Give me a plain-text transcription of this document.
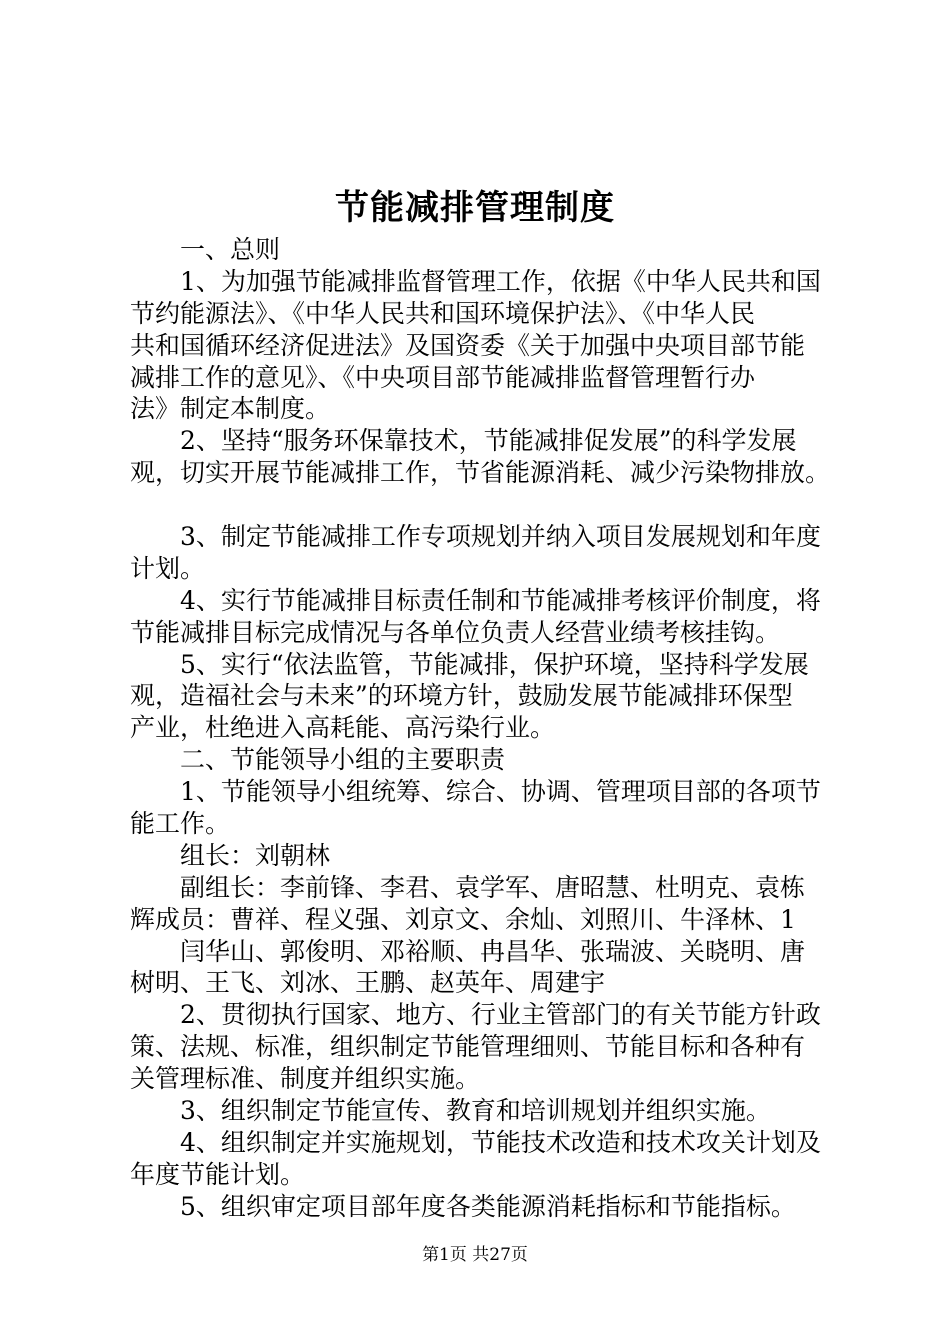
节能减排管理制度
一、总则
1、为加强节能减排监督管理工作，依据《中华人民共和国
节约能源法》、《中华人民共和国环境保护法》、《中华人民
共和国循环经济促进法》及国资委《关于加强中央项目部节能
减排工作的意见》、《中央项目部节能减排监督管理暂行办
法》制定本制度。
2、坚持“服务环保靠技术，节能减排促发展”的科学发展
观，切实开展节能减排工作，节省能源消耗、减少污染物排放。
3、制定节能减排工作专项规划并纳入项目发展规划和年度
计划。
4、实行节能减排目标责任制和节能减排考核评价制度，将
节能减排目标完成情况与各单位负责人经营业绩考核挂钩。
5、实行“依法监管，节能减排，保护环境，坚持科学发展
观，造福社会与未来”的环境方针，鼓励发展节能减排环保型
产业，杜绝进入高耗能、高污染行业。
二、节能领导小组的主要职责
1、节能领导小组统筹、综合、协调、管理项目部的各项节
能工作。
组长：刘朝林
副组长：李前锋、李君、袁学军、唐昭慧、杜明克、袁栋
辉成员：曹祥、程义强、刘京文、余灿、刘照川、牛泽林、1
闫华山、郭俊明、邓裕顺、冉昌华、张瑞波、关晓明、唐
树明、王飞、刘冰、王鹏、赵英年、周建宇
2、贯彻执行国家、地方、行业主管部门的有关节能方针政
策、法规、标准，组织制定节能管理细则、节能目标和各种有
关管理标准、制度并组织实施。
3、组织制定节能宣传、教育和培训规划并组织实施。
4、组织制定并实施规划，节能技术改造和技术攻关计划及
年度节能计划。
5、组织审定项目部年度各类能源消耗指标和节能指标。
第1页 共27页
